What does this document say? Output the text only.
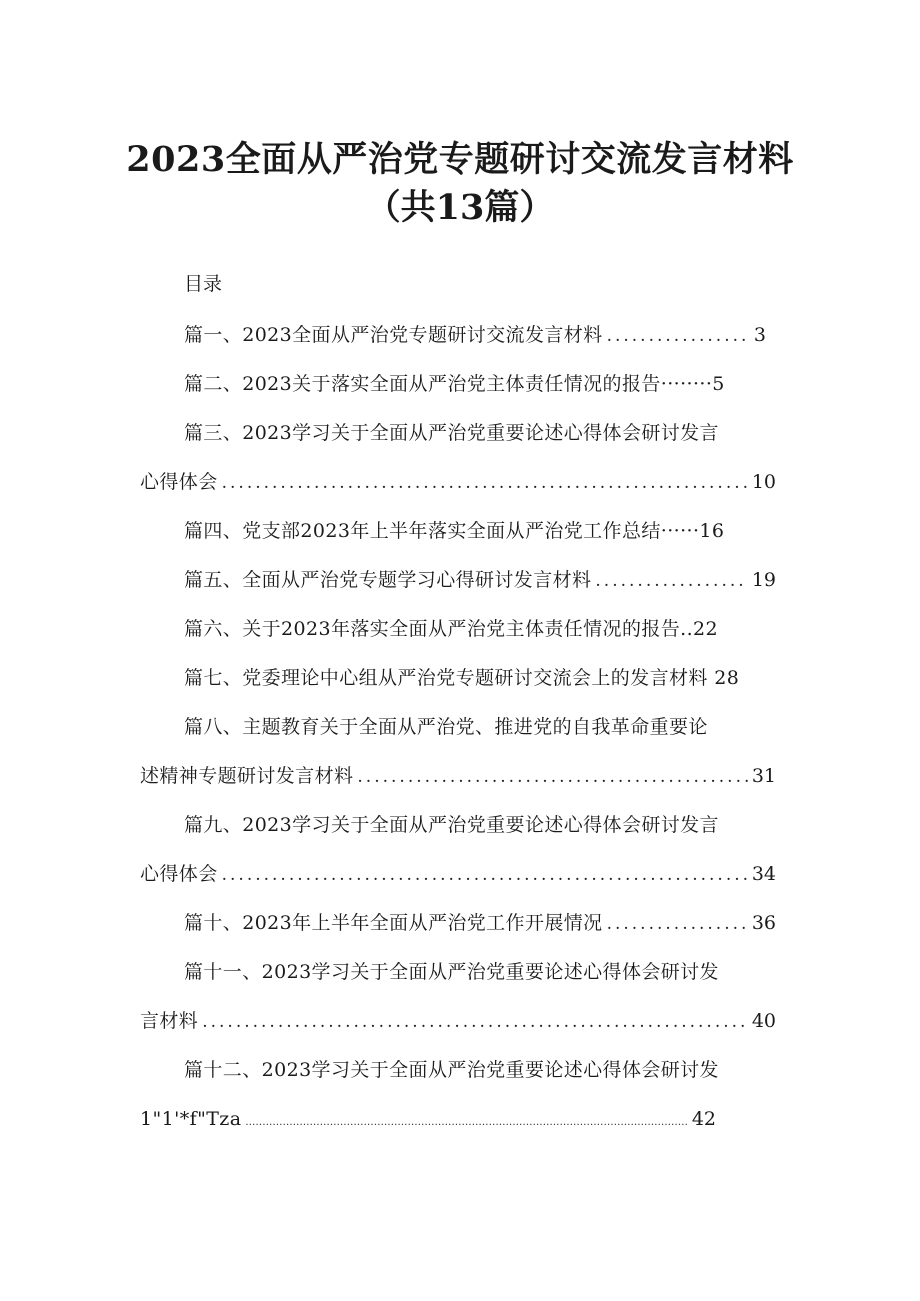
2023全面从严治党专题研讨交流发言材料
（共13篇）
目录
篇一、2023全面从严治党专题研讨交流发言材料 .....	3
篇二、2023关于落实全面从严治党主体责任情况的报告········5
篇三、2023学习关于全面从严治党重要论述心得体会研讨发言
心得体会 .....	10
篇四、党支部2023年上半年落实全面从严治党工作总结······16
篇五、全面从严治党专题学习心得研讨发言材料 .....	19
篇六、关于2023年落实全面从严治党主体责任情况的报告..22
篇七、党委理论中心组从严治党专题研讨交流会上的发言材料 28
篇八、主题教育关于全面从严治党、推进党的自我革命重要论
述精神专题研讨发言材料 .....	31
篇九、2023学习关于全面从严治党重要论述心得体会研讨发言
心得体会 .....	34
篇十、2023年上半年全面从严治党工作开展情况 .....	36
篇十一、2023学习关于全面从严治党重要论述心得体会研讨发
言材料 .....	40
篇十二、2023学习关于全面从严治党重要论述心得体会研讨发
1"1'*f"Tza .....	42
